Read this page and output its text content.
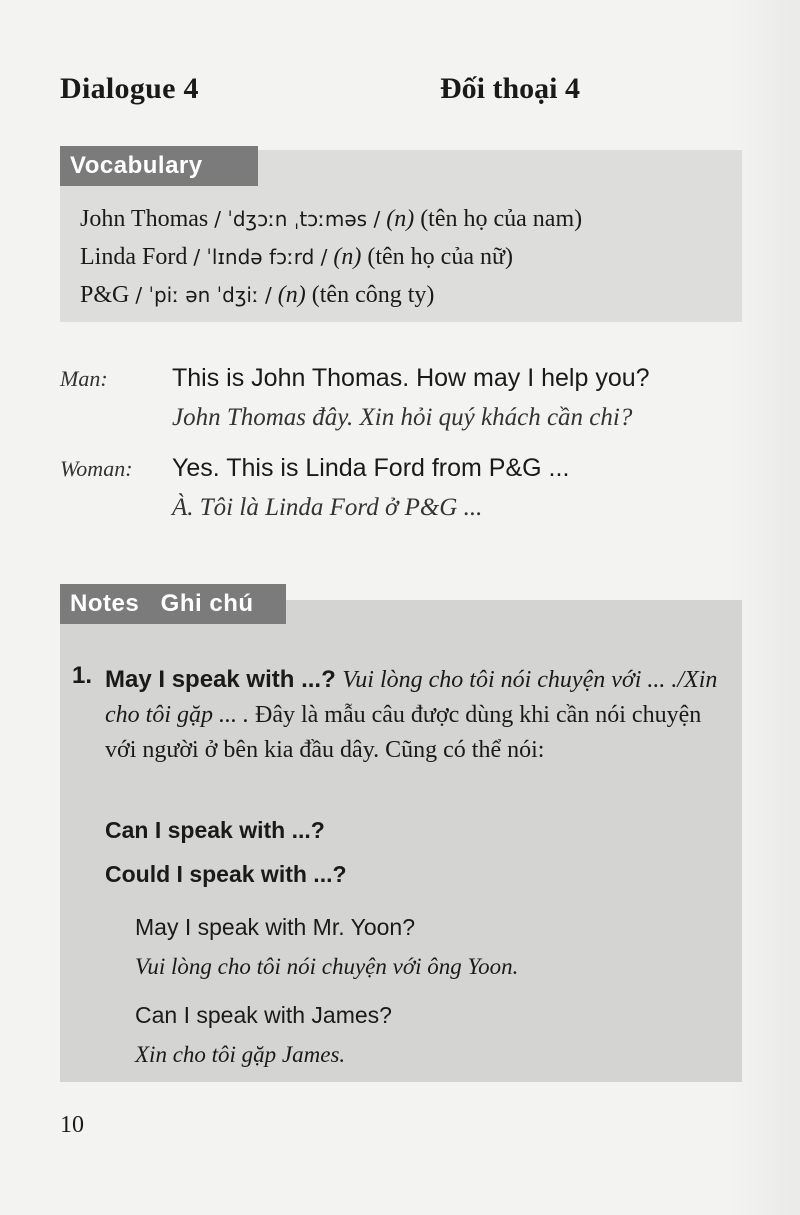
Dialogue 4	Đối thoại 4
Vocabulary
John Thomas / ˈdʒɔːn ˌtɔːməs / (n) (tên họ của nam)
Linda Ford / ˈlɪndə fɔːrd / (n) (tên họ của nữ)
P&G / ˈpiː ən ˈdʒiː / (n) (tên công ty)
Man:	This is John Thomas. How may I help you?
John Thomas đây. Xin hỏi quý khách cần chi?
Woman: Yes. This is Linda Ford from P&G ...
À. Tôi là Linda Ford ở P&G ...
Notes   Ghi chú
1. May I speak with ...? Vui lòng cho tôi nói chuyện với ... ./Xin cho tôi gặp ... . Đây là mẫu câu được dùng khi cần nói chuyện với người ở bên kia đầu dây. Cũng có thể nói:
Can I speak with ...?
Could I speak with ...?
May I speak with Mr. Yoon?
Vui lòng cho tôi nói chuyện với ông Yoon.
Can I speak with James?
Xin cho tôi gặp James.
10
